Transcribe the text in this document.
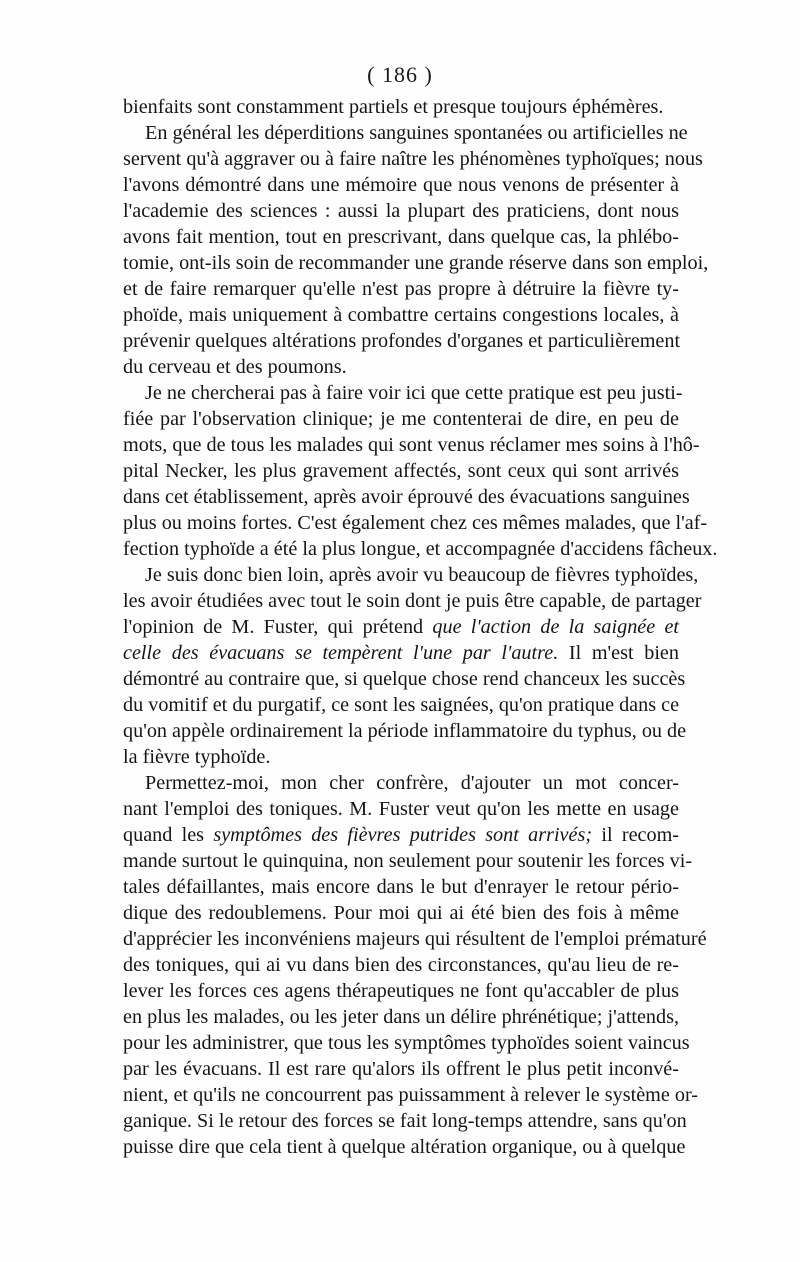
( 186 )
bienfaits sont constamment partiels et presque toujours éphémères.
En général les déperditions sanguines spontanées ou artificielles ne
servent qu'à aggraver ou à faire naître les phénomènes typhoïques; nous
l'avons démontré dans une mémoire que nous venons de présenter à
l'academie des sciences : aussi la plupart des praticiens, dont nous
avons fait mention, tout en prescrivant, dans quelque cas, la phlébo-
tomie, ont-ils soin de recommander une grande réserve dans son emploi,
et de faire remarquer qu'elle n'est pas propre à détruire la fièvre ty-
phoïde, mais uniquement à combattre certains congestions locales, à
prévenir quelques altérations profondes d'organes et particulièrement
du cerveau et des poumons.
Je ne chercherai pas à faire voir ici que cette pratique est peu justi-
fiée par l'observation clinique; je me contenterai de dire, en peu de
mots, que de tous les malades qui sont venus réclamer mes soins à l'hô-
pital Necker, les plus gravement affectés, sont ceux qui sont arrivés
dans cet établissement, après avoir éprouvé des évacuations sanguines
plus ou moins fortes. C'est également chez ces mêmes malades, que l'af-
fection typhoïde a été la plus longue, et accompagnée d'accidens fâcheux.
Je suis donc bien loin, après avoir vu beaucoup de fièvres typhoïdes,
les avoir étudiées avec tout le soin dont je puis être capable, de partager
l'opinion de M. Fuster, qui prétend que l'action de la saignée et
celle des évacuans se tempèrent l'une par l'autre. Il m'est bien
démontré au contraire que, si quelque chose rend chanceux les succès
du vomitif et du purgatif, ce sont les saignées, qu'on pratique dans ce
qu'on appèle ordinairement la période inflammatoire du typhus, ou de
la fièvre typhoïde.
Permettez-moi, mon cher confrère, d'ajouter un mot concer-
nant l'emploi des toniques. M. Fuster veut qu'on les mette en usage
quand les symptômes des fièvres putrides sont arrivés; il recom-
mande surtout le quinquina, non seulement pour soutenir les forces vi-
tales défaillantes, mais encore dans le but d'enrayer le retour pério-
dique des redoublemens. Pour moi qui ai été bien des fois à même
d'apprécier les inconvéniens majeurs qui résultent de l'emploi prématuré
des toniques, qui ai vu dans bien des circonstances, qu'au lieu de re-
lever les forces ces agens thérapeutiques ne font qu'accabler de plus
en plus les malades, ou les jeter dans un délire phrénétique; j'attends,
pour les administrer, que tous les symptômes typhoïdes soient vaincus
par les évacuans. Il est rare qu'alors ils offrent le plus petit inconvé-
nient, et qu'ils ne concourrent pas puissamment à relever le système or-
ganique. Si le retour des forces se fait long-temps attendre, sans qu'on
puisse dire que cela tient à quelque altération organique, ou à quelque
